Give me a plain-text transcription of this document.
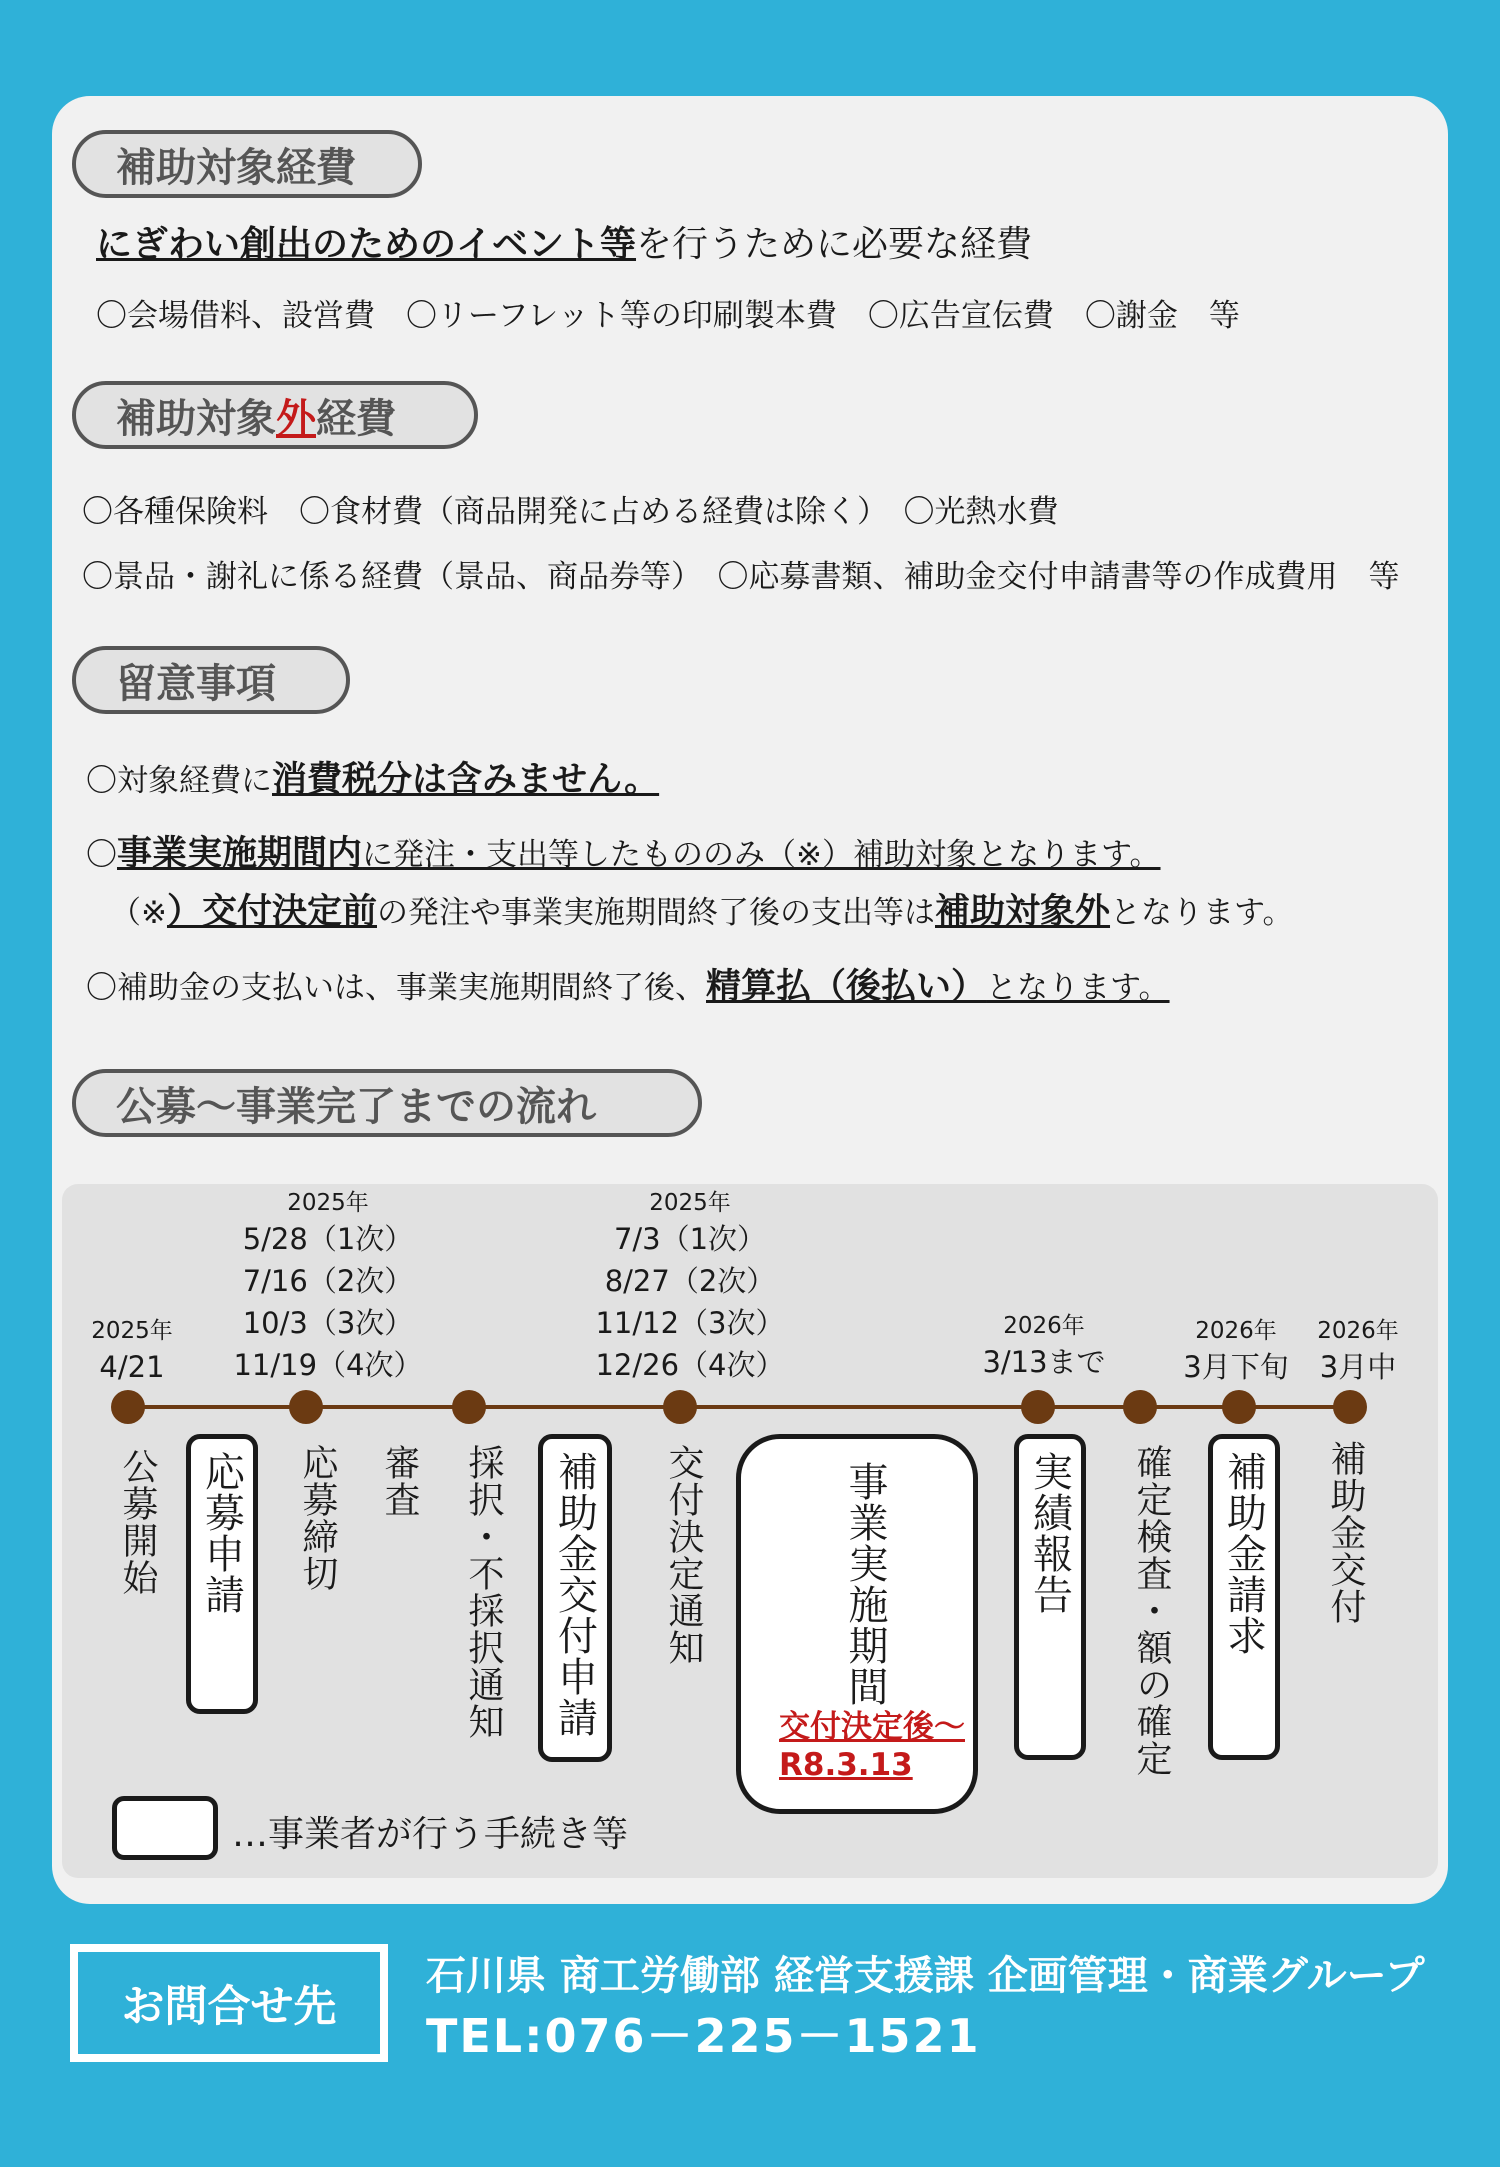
補助対象経費
にぎわい創出のためのイベント等を行うために必要な経費
〇会場借料、設営費　〇リーフレット等の印刷製本費　〇広告宣伝費　〇謝金　等
補助対象 外 経費
〇各種保険料　〇食材費（商品開発に占める経費は除く）　〇光熱水費
〇景品・謝礼に係る経費（景品、商品券等）　〇応募書類、補助金交付申請書等の作成費用　等
留意事項
〇対象経費に消費税分は含みません。
〇事業実施期間内に発注・支出等したもののみ（※）補助対象となります。
（※）交付決定前の発注や事業実施期間終了後の支出等は補助対象外となります。
〇補助金の支払いは、事業実施期間終了後、精算払（後払い）となります。
公募～事業完了までの流れ
2025年
4/21
2025年
5/28（1次）
7/16（2次）
10/3（3次）
11/19（4次）
2025年
7/3（1次）
8/27（2次）
11/12（3次）
12/26（4次）
2026年
3/13まで
2026年
3月下旬
2026年
3月中
公募開始 応募申請 応募締切 審査 採択・不採択通知 補助金交付申請 交付決定通知	事業実施期間
交付決定後～
R8.3.13
実績報告 確定検査・額の確定 補助金請求 補助金交付
…事業者が行う手続き等
お問合せ先
石川県 商工労働部 経営支援課 企画管理・商業グループ
TEL:076－225－1521
